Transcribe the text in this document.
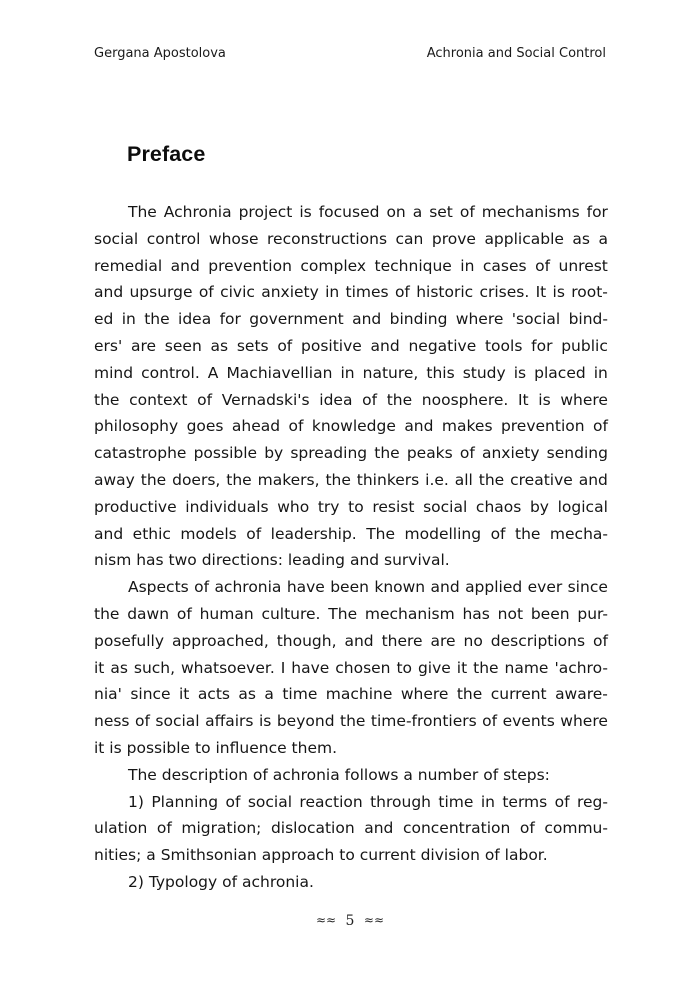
Gergana Apostolova	Achronia and Social Control
Preface
The Achronia project is focused on a set of mechanisms for
social control whose reconstructions can prove applicable as a
remedial and prevention complex technique in cases of unrest
and upsurge of civic anxiety in times of historic crises. It is root-
ed in the idea for government and binding where 'social bind-
ers' are seen as sets of positive and negative tools for public
mind control. A Machiavellian in nature, this study is placed in
the context of Vernadski's idea of the noosphere. It is where
philosophy goes ahead of knowledge and makes prevention of
catastrophe possible by spreading the peaks of anxiety sending
away the doers, the makers, the thinkers i.e. all the creative and
productive individuals who try to resist social chaos by logical
and ethic models of leadership. The modelling of the mecha-
nism has two directions: leading and survival.
Aspects of achronia have been known and applied ever since
the dawn of human culture. The mechanism has not been pur-
posefully approached, though, and there are no descriptions of
it as such, whatsoever. I have chosen to give it the name 'achro-
nia' since it acts as a time machine where the current aware-
ness of social affairs is beyond the time-frontiers of events where
it is possible to influence them.
The description of achronia follows a number of steps:
1) Planning of social reaction through time in terms of reg-
ulation of migration; dislocation and concentration of commu-
nities; a Smithsonian approach to current division of labor.
2) Typology of achronia.
≈≈ 5 ≈≈
